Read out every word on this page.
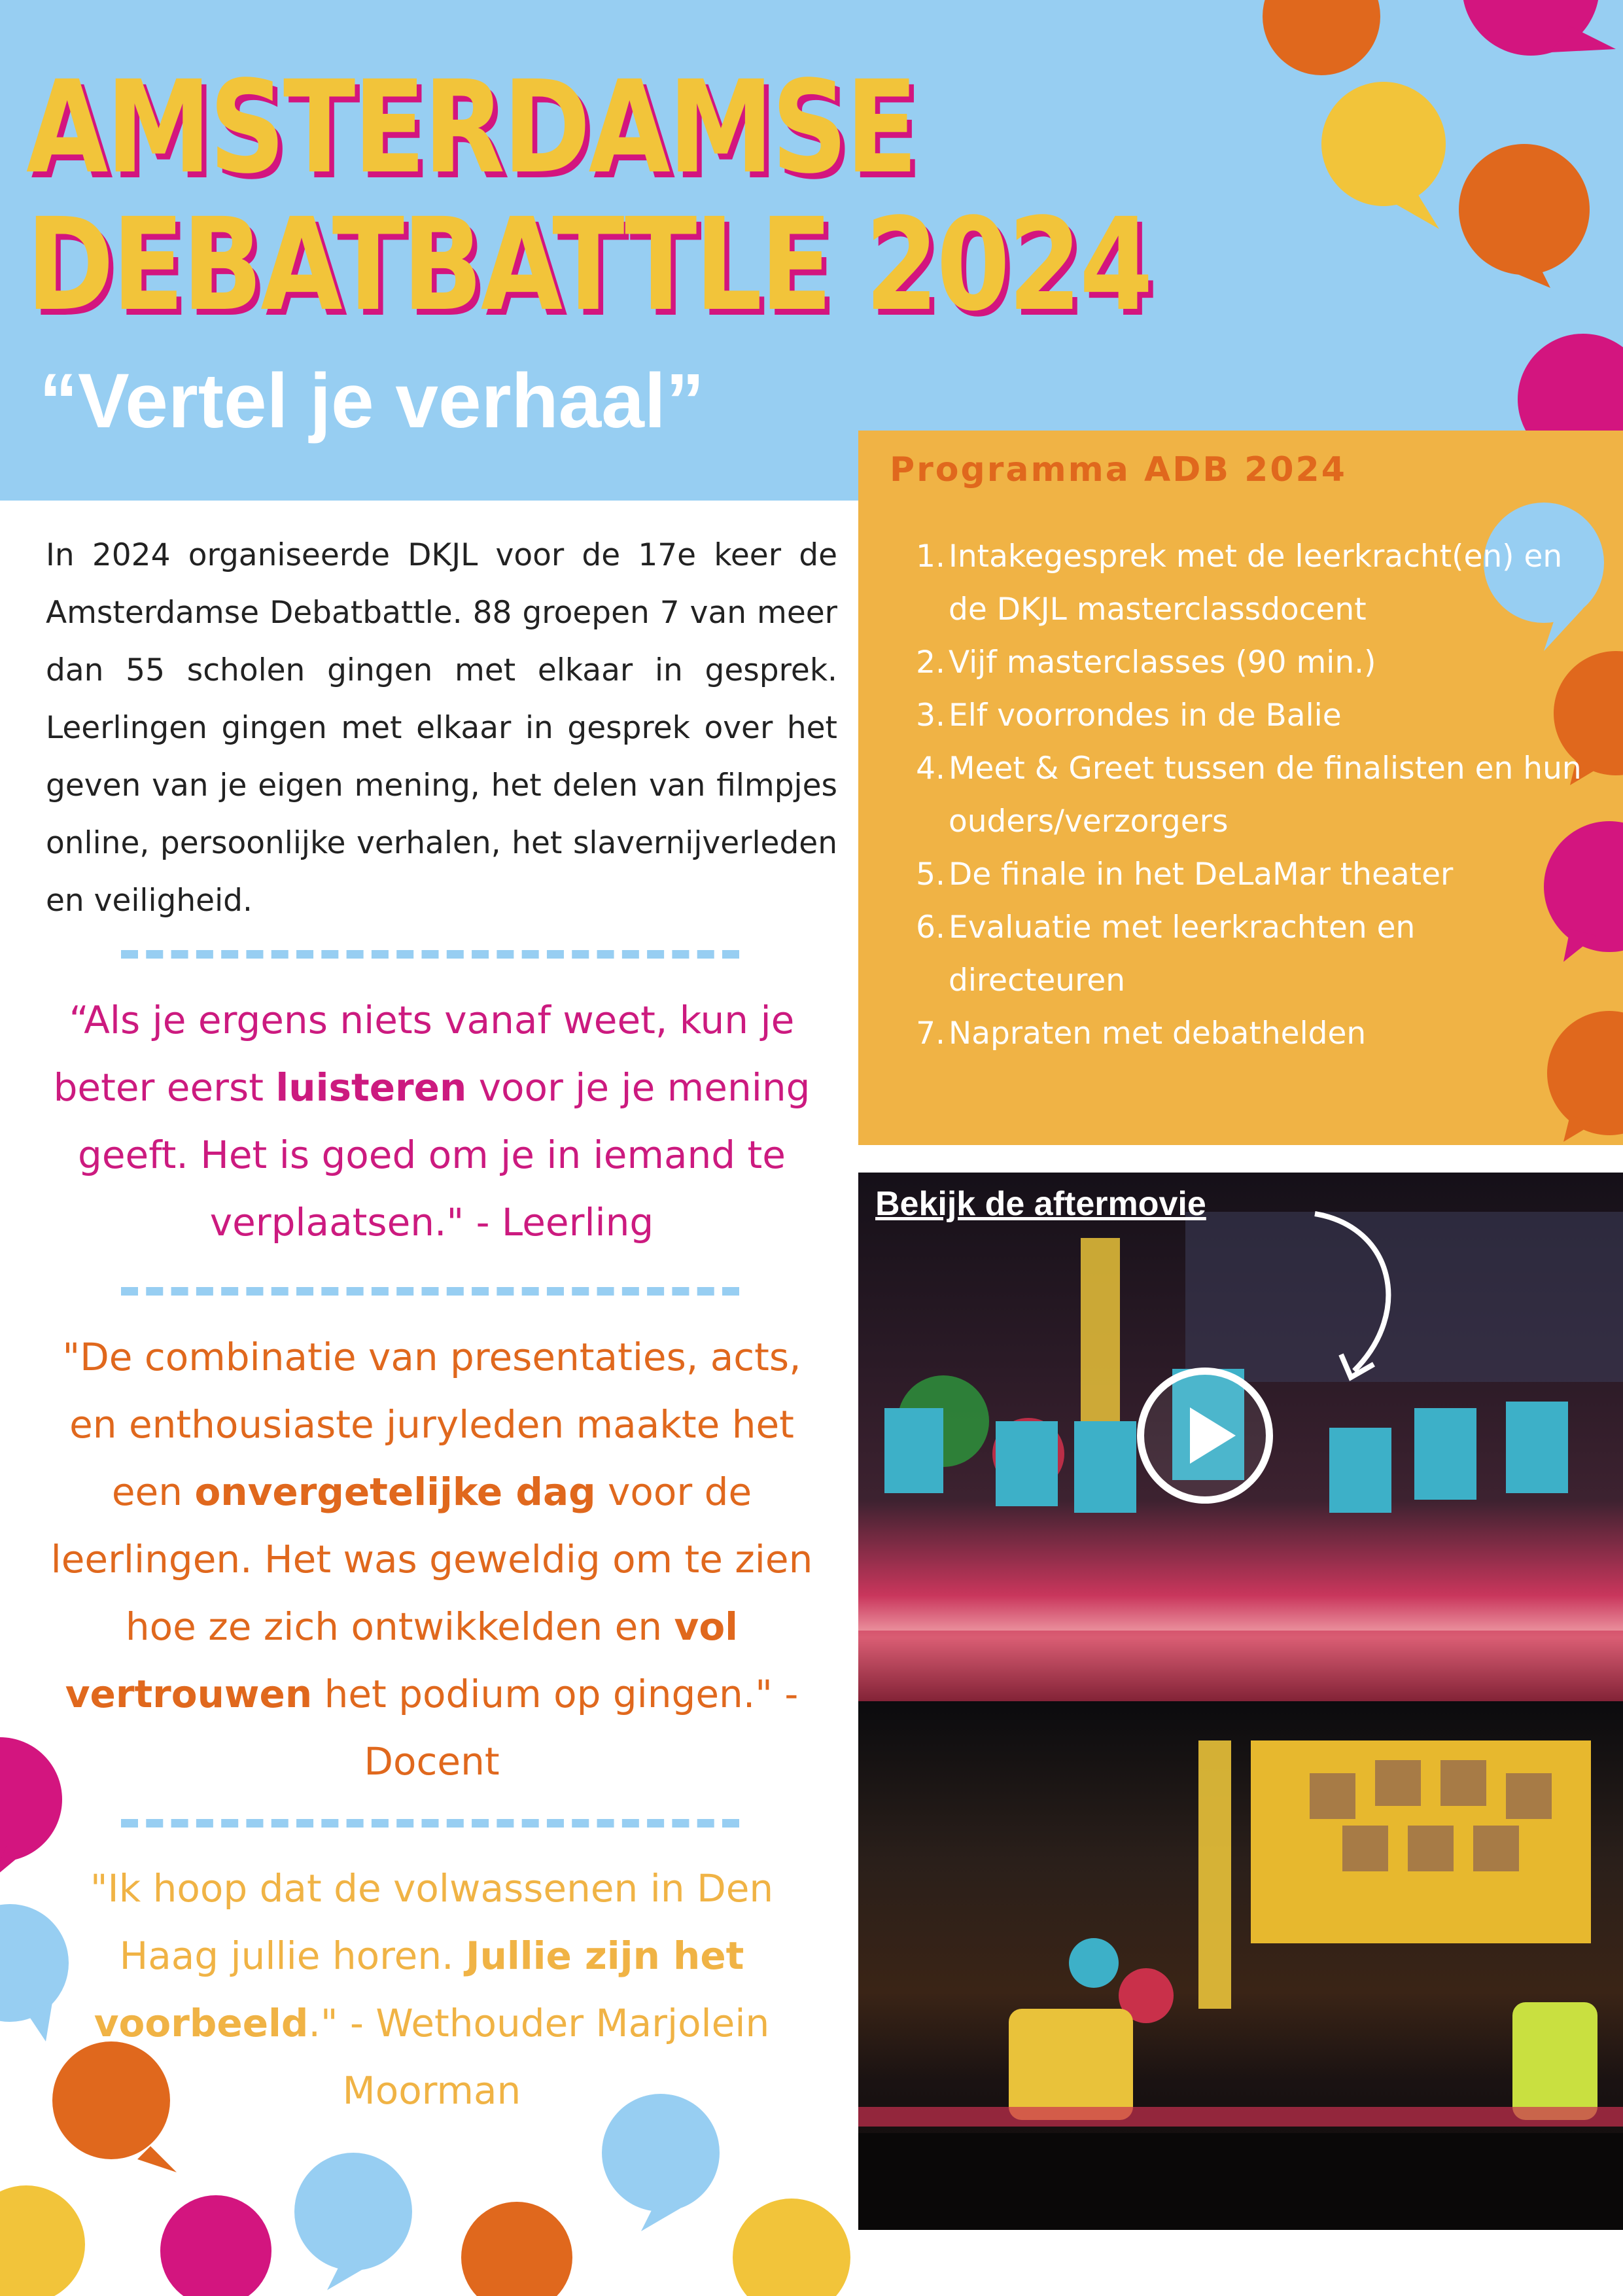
AMSTERDAMSE
DEBATBATTLE 2024
“Vertel je verhaal”
Programma ADB 2024
1. Intakegesprek met de leerkracht(en) en de DKJL masterclassdocent
2. Vijf masterclasses (90 min.)
3. Elf voorrondes in de Balie
4. Meet & Greet tussen de finalisten en hun ouders/verzorgers
5. De finale in het DeLaMar theater
6. Evaluatie met leerkrachten en directeuren
7. Napraten met debathelden
In 2024 organiseerde DKJL voor de 17e keer de Amsterdamse Debatbattle. 88 groepen 7 van meer dan 55 scholen gingen met elkaar in gesprek. Leerlingen gingen met elkaar in gesprek over het geven van je eigen mening, het delen van filmpjes online, persoonlijke verhalen, het slavernijverleden en veiligheid.
“Als je ergens niets vanaf weet, kun je beter eerst luisteren voor je je mening geeft. Het is goed om je in iemand te verplaatsen." - Leerling
"De combinatie van presentaties, acts, en enthousiaste juryleden maakte het een onvergetelijke dag voor de leerlingen. Het was geweldig om te zien hoe ze zich ontwikkelden en vol vertrouwen het podium op gingen." - Docent
"Ik hoop dat de volwassenen in Den Haag jullie horen. Jullie zijn het voorbeeld." - Wethouder Marjolein Moorman
Bekijk de aftermovie
